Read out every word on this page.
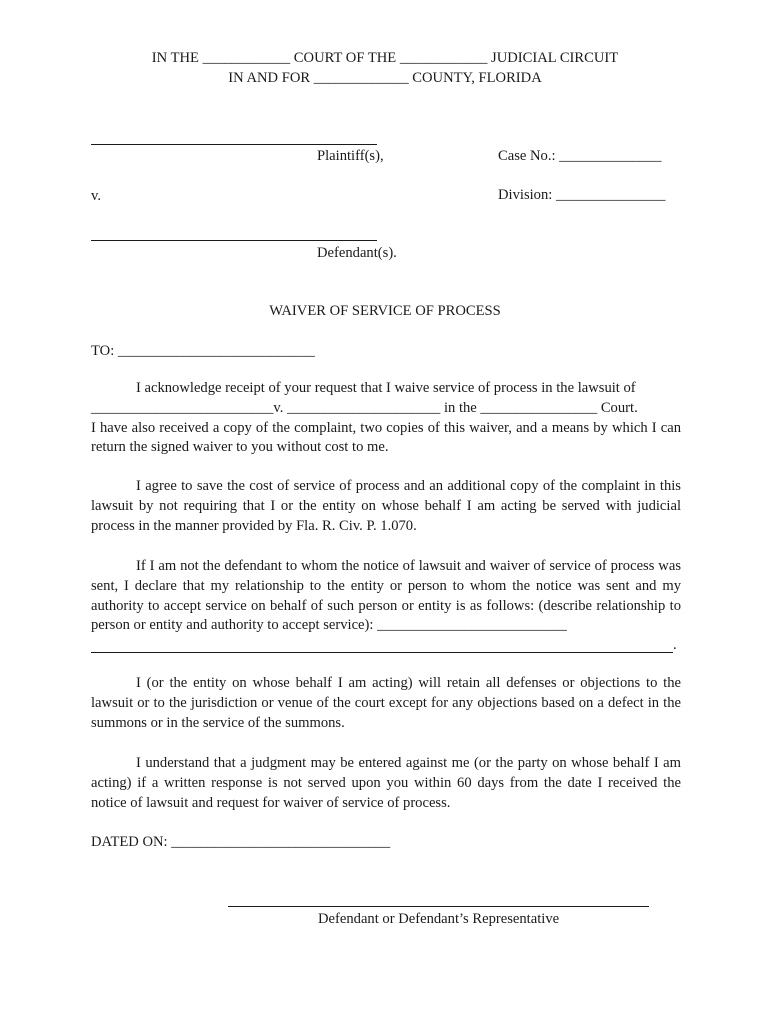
IN THE ____________ COURT OF THE ____________ JUDICIAL CIRCUIT
IN AND FOR _____________ COUNTY, FLORIDA
Plaintiff(s),	Case No.: ______________
v.	Division: _______________
Defendant(s).
WAIVER OF SERVICE OF PROCESS
TO: ___________________________

I acknowledge receipt of your request that I waive service of process in the lawsuit of

_________________________v. _____________________ in the ________________ Court.

I have also received a copy of the complaint, two copies of this waiver, and a means by which I can return the signed waiver to you without cost to me.

I agree to save the cost of service of process and an additional copy of the complaint in this lawsuit by not requiring that I or the entity on whose behalf I am acting be served with judicial process in the manner provided by Fla. R. Civ. P. 1.070.

If I am not the defendant to whom the notice of lawsuit and waiver of service of process was sent, I declare that my relationship to the entity or person to whom the notice was sent and my authority to accept service on behalf of such person or entity is as follows: (describe relationship to person or entity and authority to accept service): __________________________

.

I (or the entity on whose behalf I am acting) will retain all defenses or objections to the lawsuit or to the jurisdiction or venue of the court except for any objections based on a defect in the summons or in the service of the summons.

I understand that a judgment may be entered against me (or the party on whose behalf I am acting) if a written response is not served upon you within 60 days from the date I received the notice of lawsuit and request for waiver of service of process.

DATED ON: ______________________________
Defendant or Defendant’s Representative
